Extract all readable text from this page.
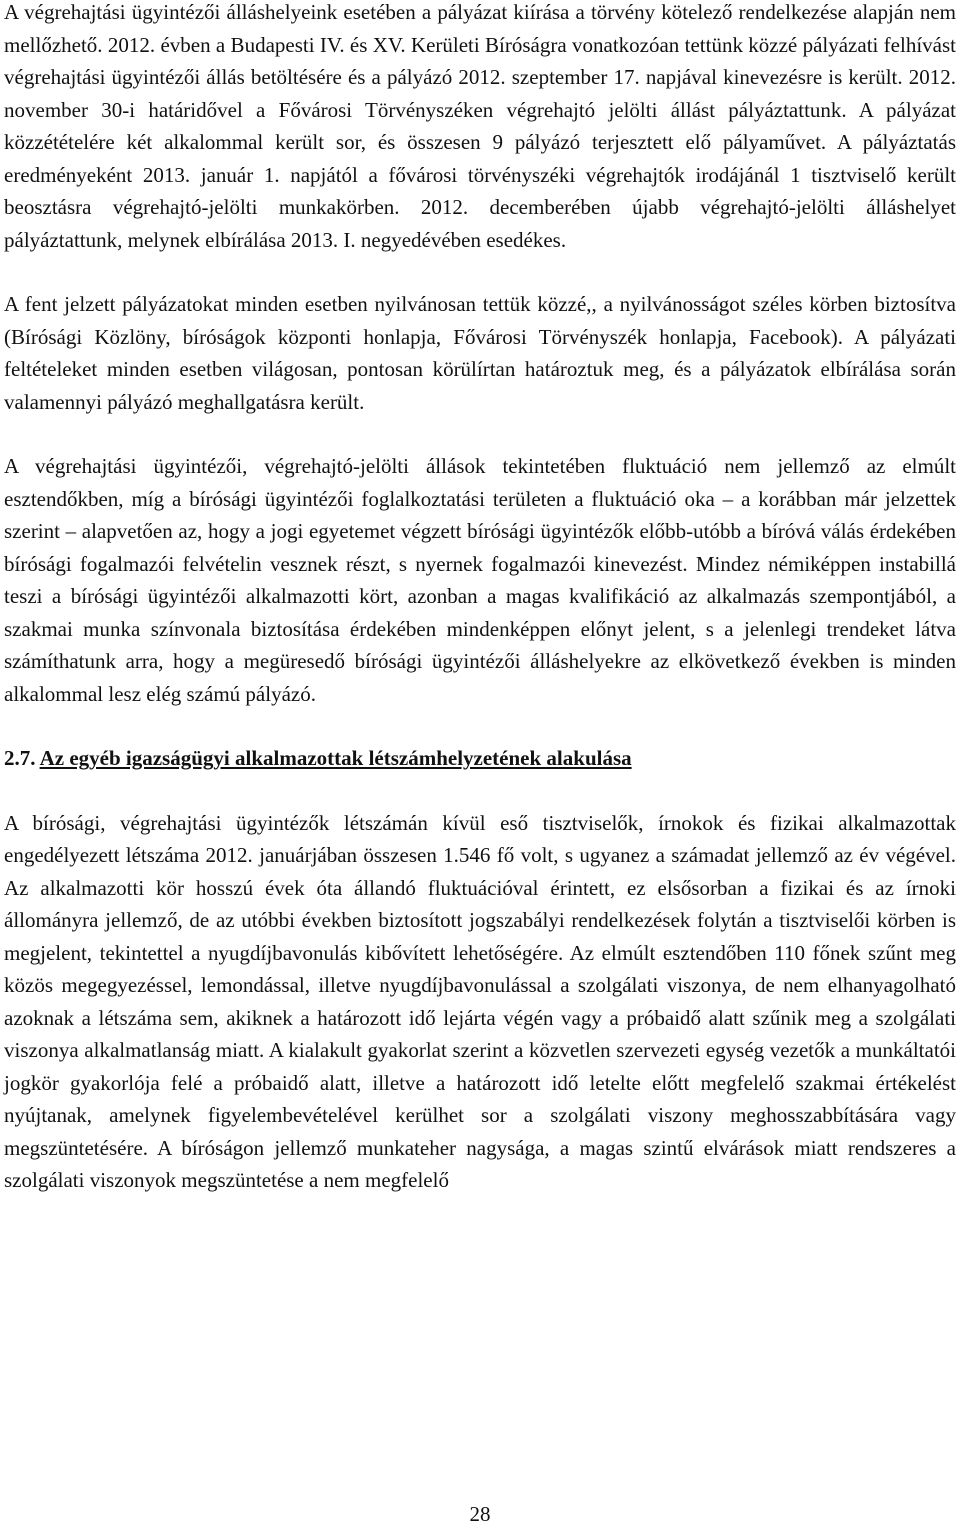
A végrehajtási ügyintézői álláshelyeink esetében a pályázat kiírása a törvény kötelező rendelkezése alapján nem mellőzhető. 2012. évben a Budapesti IV. és XV. Kerületi Bíróságra vonatkozóan tettünk közzé pályázati felhívást végrehajtási ügyintézői állás betöltésére és a pályázó 2012. szeptember 17. napjával kinevezésre is került. 2012. november 30-i határidővel a Fővárosi Törvényszéken végrehajtó jelölti állást pályáztattunk. A pályázat közzétételére két alkalommal került sor, és összesen 9 pályázó terjesztett elő pályaművet. A pályáztatás eredményeként 2013. január 1. napjától a fővárosi törvényszéki végrehajtók irodájánál 1 tisztviselő került beosztásra végrehajtó-jelölti munkakörben. 2012. decemberében újabb végrehajtó-jelölti álláshelyet pályáztattunk, melynek elbírálása 2013. I. negyedévében esedékes.

A fent jelzett pályázatokat minden esetben nyilvánosan tettük közzé,, a nyilvánosságot széles körben biztosítva (Bírósági Közlöny, bíróságok központi honlapja, Fővárosi Törvényszék honlapja, Facebook). A pályázati feltételeket minden esetben világosan, pontosan körülírtan határoztuk meg, és a pályázatok elbírálása során valamennyi pályázó meghallgatásra került.

A végrehajtási ügyintézői, végrehajtó-jelölti állások tekintetében fluktuáció nem jellemző az elmúlt esztendőkben, míg a bírósági ügyintézői foglalkoztatási területen a fluktuáció oka – a korábban már jelzettek szerint – alapvetően az, hogy a jogi egyetemet végzett bírósági ügyintézők előbb-utóbb a bíróvá válás érdekében bírósági fogalmazói felvételin vesznek részt, s nyernek fogalmazói kinevezést. Mindez némiképpen instabillá teszi a bírósági ügyintézői alkalmazotti kört, azonban a magas kvalifikáció az alkalmazás szempontjából, a szakmai munka színvonala biztosítása érdekében mindenképpen előnyt jelent, s a jelenlegi trendeket látva számíthatunk arra, hogy a megüresedő bírósági ügyintézői álláshelyekre az elkövetkező években is minden alkalommal lesz elég számú pályázó.

2.7. Az egyéb igazságügyi alkalmazottak létszámhelyzetének alakulása

A bírósági, végrehajtási ügyintézők létszámán kívül eső tisztviselők, írnokok és fizikai alkalmazottak engedélyezett létszáma 2012. januárjában összesen 1.546 fő volt, s ugyanez a számadat jellemző az év végével. Az alkalmazotti kör hosszú évek óta állandó fluktuációval érintett, ez elsősorban a fizikai és az írnoki állományra jellemző, de az utóbbi években biztosított jogszabályi rendelkezések folytán a tisztviselői körben is megjelent, tekintettel a nyugdíjbavonulás kibővített lehetőségére. Az elmúlt esztendőben 110 főnek szűnt meg közös megegyezéssel, lemondással, illetve nyugdíjbavonulással a szolgálati viszonya, de nem elhanyagolható azoknak a létszáma sem, akiknek a határozott idő lejárta végén vagy a próbaidő alatt szűnik meg a szolgálati viszonya alkalmatlanság miatt. A kialakult gyakorlat szerint a közvetlen szervezeti egység vezetők a munkáltatói jogkör gyakorlója felé a próbaidő alatt, illetve a határozott idő letelte előtt megfelelő szakmai értékelést nyújtanak, amelynek figyelembevételével kerülhet sor a szolgálati viszony meghosszabbítására vagy megszüntetésére. A bíróságon jellemző munkateher nagysága, a magas szintű elvárások miatt rendszeres a szolgálati viszonyok megszüntetése a nem megfelelő

28
